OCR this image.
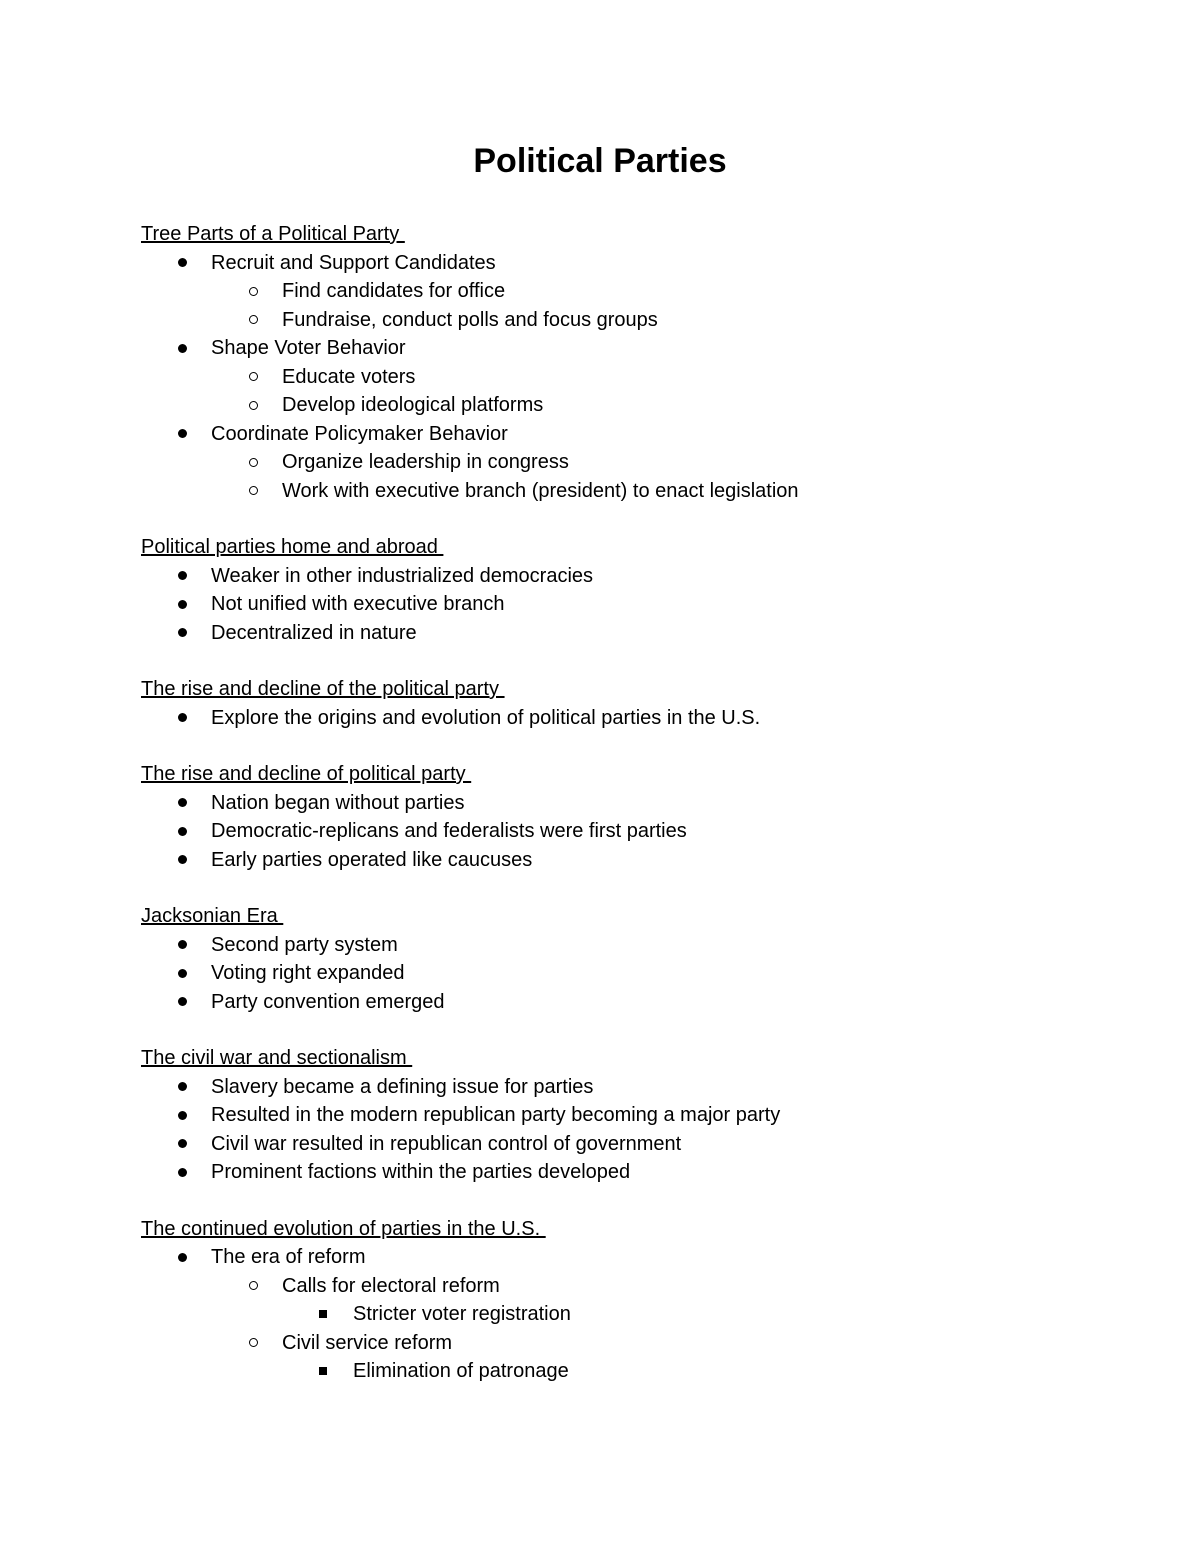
Political Parties
Tree Parts of a Political Party
Recruit and Support Candidates
Find candidates for office
Fundraise, conduct polls and focus groups
Shape Voter Behavior
Educate voters
Develop ideological platforms
Coordinate Policymaker Behavior
Organize leadership in congress
Work with executive branch (president) to enact legislation
Political parties home and abroad
Weaker in other industrialized democracies
Not unified with executive branch
Decentralized in nature
The rise and decline of the political party
Explore the origins and evolution of political parties in the U.S.
The rise and decline of political party
Nation began without parties
Democratic-replicans and federalists were first parties
Early parties operated like caucuses
Jacksonian Era
Second party system
Voting right expanded
Party convention emerged
The civil war and sectionalism
Slavery became a defining issue for parties
Resulted in the modern republican party becoming a major party
Civil war resulted in republican control of government
Prominent factions within the parties developed
The continued evolution of parties in the U.S.
The era of reform
Calls for electoral reform
Stricter voter registration
Civil service reform
Elimination of patronage
